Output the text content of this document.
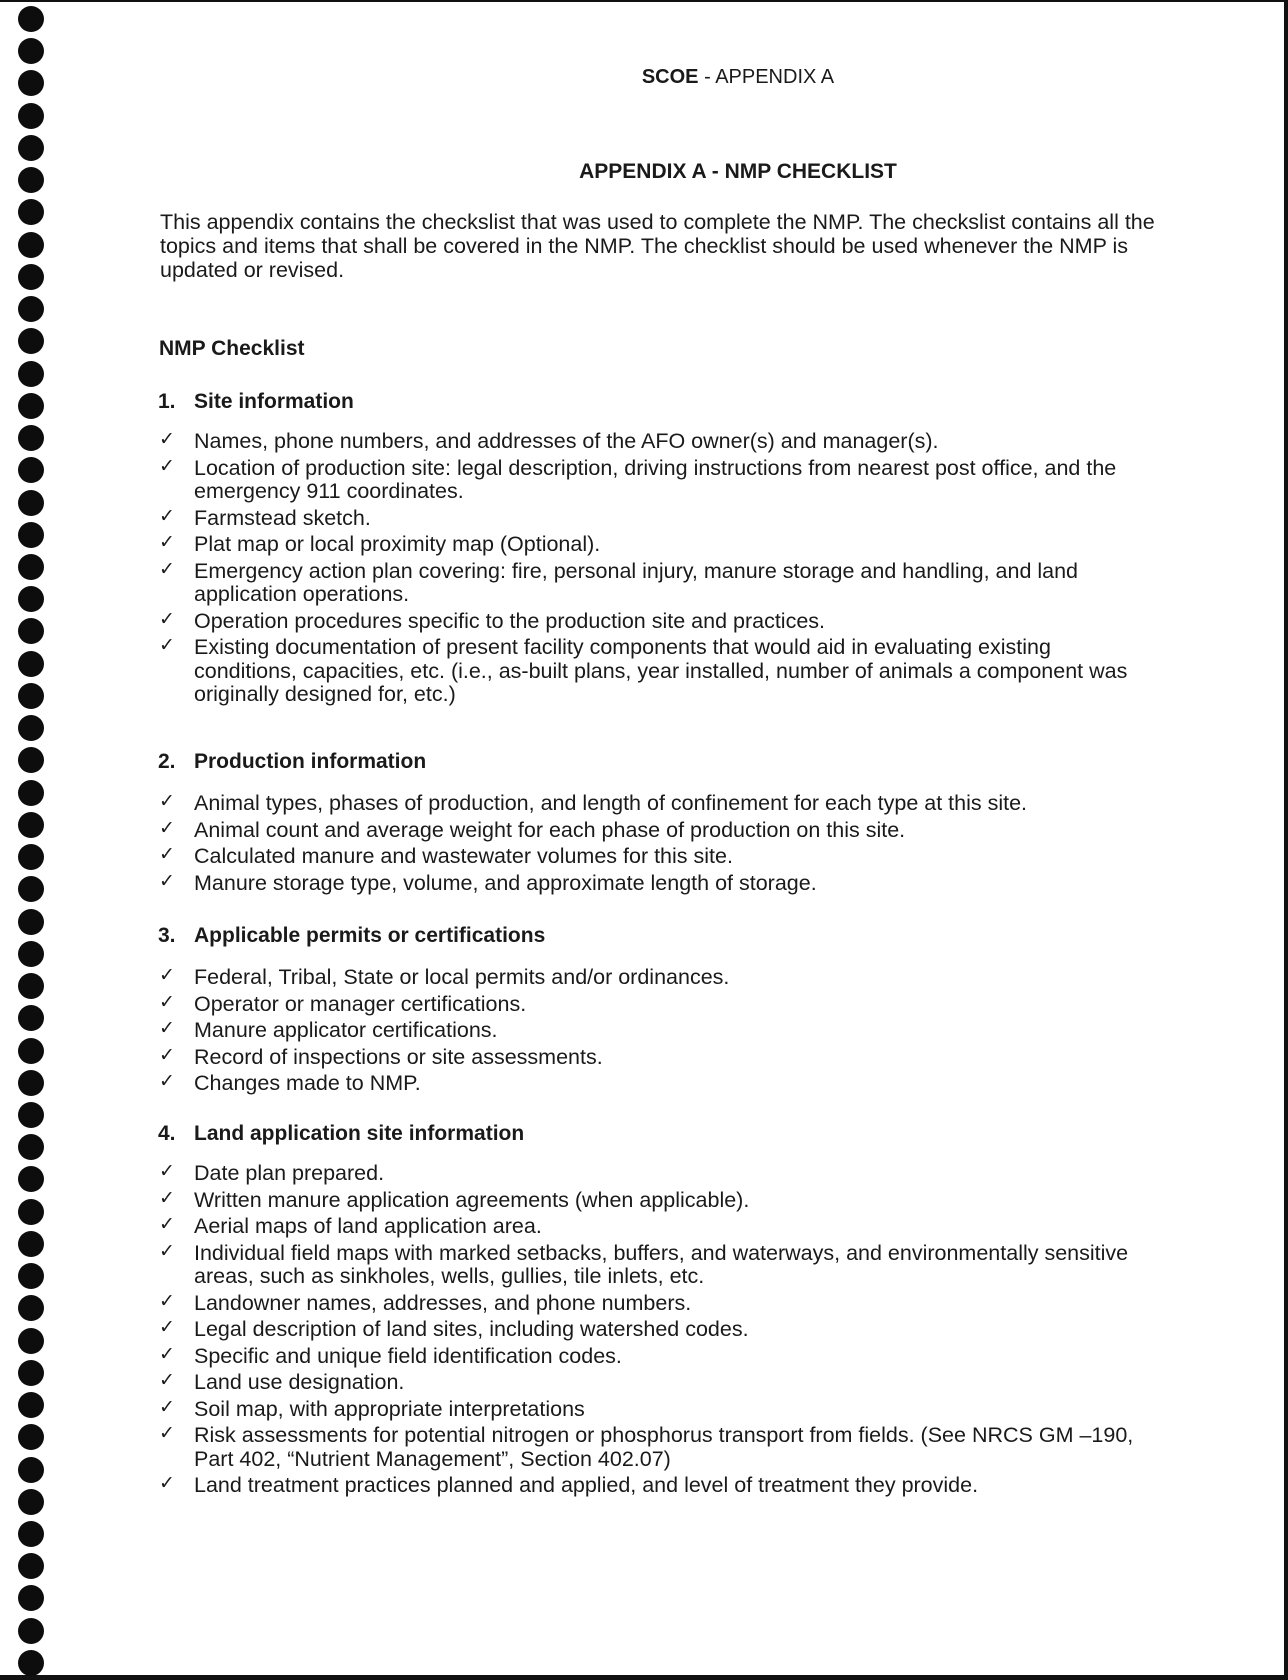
SCOE - APPENDIX A
APPENDIX A - NMP CHECKLIST

This appendix contains the checkslist that was used to complete the NMP. The checkslist contains all the topics and items that shall be covered in the NMP. The checklist should be used whenever the NMP is updated or revised.

NMP Checklist

1. Site information

✓ Names, phone numbers, and addresses of the AFO owner(s) and manager(s).
✓ Location of production site: legal description, driving instructions from nearest post office, and the emergency 911 coordinates.
✓ Farmstead sketch.
✓ Plat map or local proximity map (Optional).
✓ Emergency action plan covering: fire, personal injury, manure storage and handling, and land application operations.
✓ Operation procedures specific to the production site and practices.
✓ Existing documentation of present facility components that would aid in evaluating existing conditions, capacities, etc. (i.e., as-built plans, year installed, number of animals a component was originally designed for, etc.)

2. Production information

✓ Animal types, phases of production, and length of confinement for each type at this site.
✓ Animal count and average weight for each phase of production on this site.
✓ Calculated manure and wastewater volumes for this site.
✓ Manure storage type, volume, and approximate length of storage.

3. Applicable permits or certifications

✓ Federal, Tribal, State or local permits and/or ordinances.
✓ Operator or manager certifications.
✓ Manure applicator certifications.
✓ Record of inspections or site assessments.
✓ Changes made to NMP.

4. Land application site information

✓ Date plan prepared.
✓ Written manure application agreements (when applicable).
✓ Aerial maps of land application area.
✓ Individual field maps with marked setbacks, buffers, and waterways, and environmentally sensitive areas, such as sinkholes, wells, gullies, tile inlets, etc.
✓ Landowner names, addresses, and phone numbers.
✓ Legal description of land sites, including watershed codes.
✓ Specific and unique field identification codes.
✓ Land use designation.
✓ Soil map, with appropriate interpretations
✓ Risk assessments for potential nitrogen or phosphorus transport from fields. (See NRCS GM –190, Part 402, “Nutrient Management”, Section 402.07)
✓ Land treatment practices planned and applied, and level of treatment they provide.
